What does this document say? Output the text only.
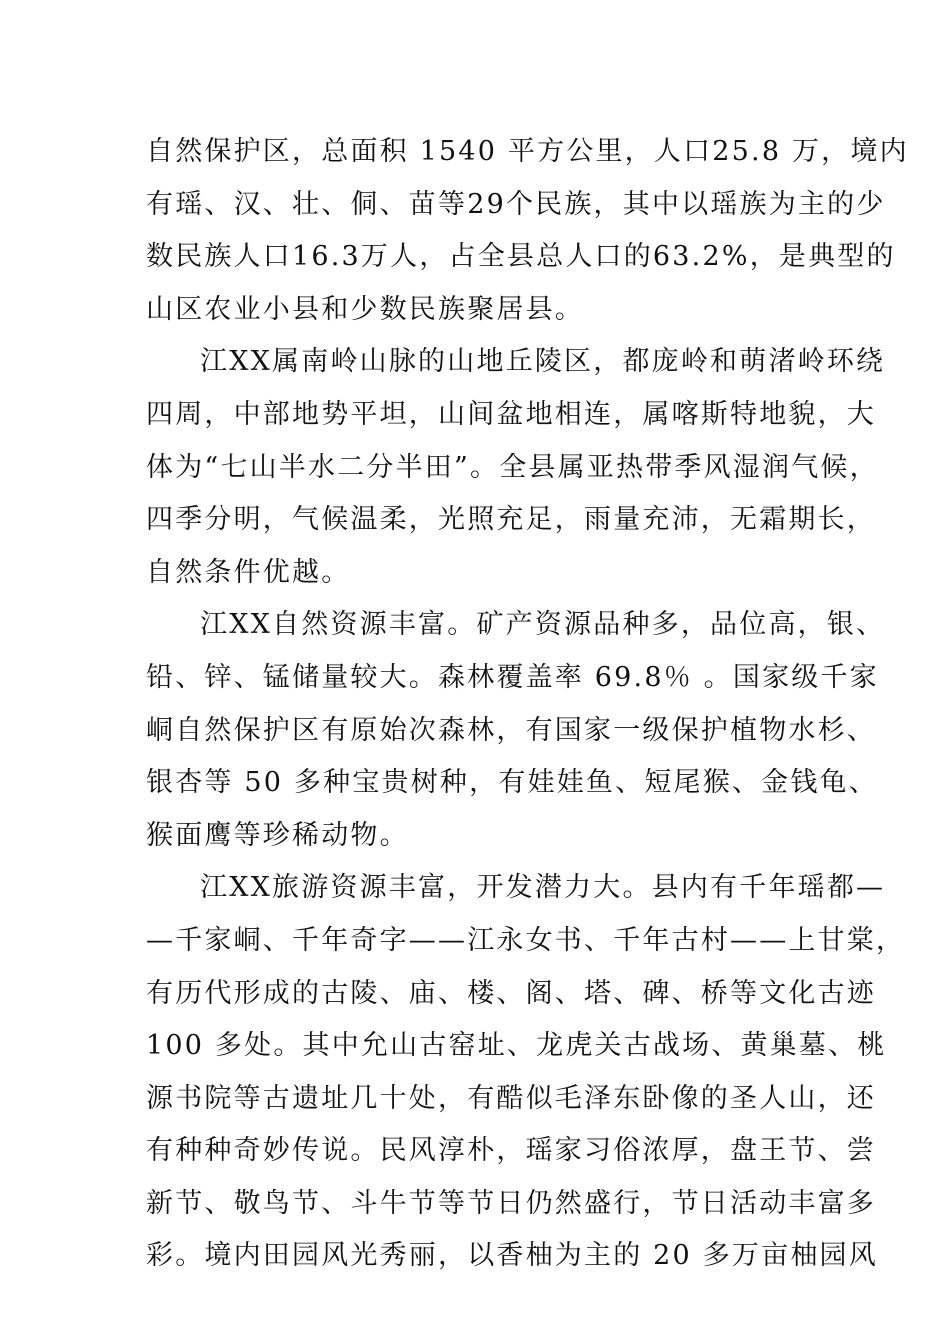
自然保护区，总面积 1540 平方公里，人口25.8 万，境内
有瑶、汉、壮、侗、苗等29个民族，其中以瑶族为主的少
数民族人口16.3万人，占全县总人口的63.2%，是典型的
山区农业小县和少数民族聚居县。
江XX属南岭山脉的山地丘陵区，都庞岭和萌渚岭环绕
四周，中部地势平坦，山间盆地相连，属喀斯特地貌，大
体为“七山半水二分半田”。全县属亚热带季风湿润气候，
四季分明，气候温柔，光照充足，雨量充沛，无霜期长，
自然条件优越。
江XX自然资源丰富。矿产资源品种多，品位高，银、
铅、锌、锰储量较大。森林覆盖率 69.8％ 。国家级千家
峒自然保护区有原始次森林，有国家一级保护植物水杉、
银杏等 50 多种宝贵树种，有娃娃鱼、短尾猴、金钱龟、
猴面鹰等珍稀动物。
江XX旅游资源丰富，开发潜力大。县内有千年瑶都—
—千家峒、千年奇字——江永女书、千年古村——上甘棠，
有历代形成的古陵、庙、楼、阁、塔、碑、桥等文化古迹
100 多处。其中允山古窑址、龙虎关古战场、黄巢墓、桃
源书院等古遗址几十处，有酷似毛泽东卧像的圣人山，还
有种种奇妙传说。民风淳朴，瑶家习俗浓厚，盘王节、尝
新节、敬鸟节、斗牛节等节日仍然盛行，节日活动丰富多
彩。境内田园风光秀丽，以香柚为主的 20 多万亩柚园风
